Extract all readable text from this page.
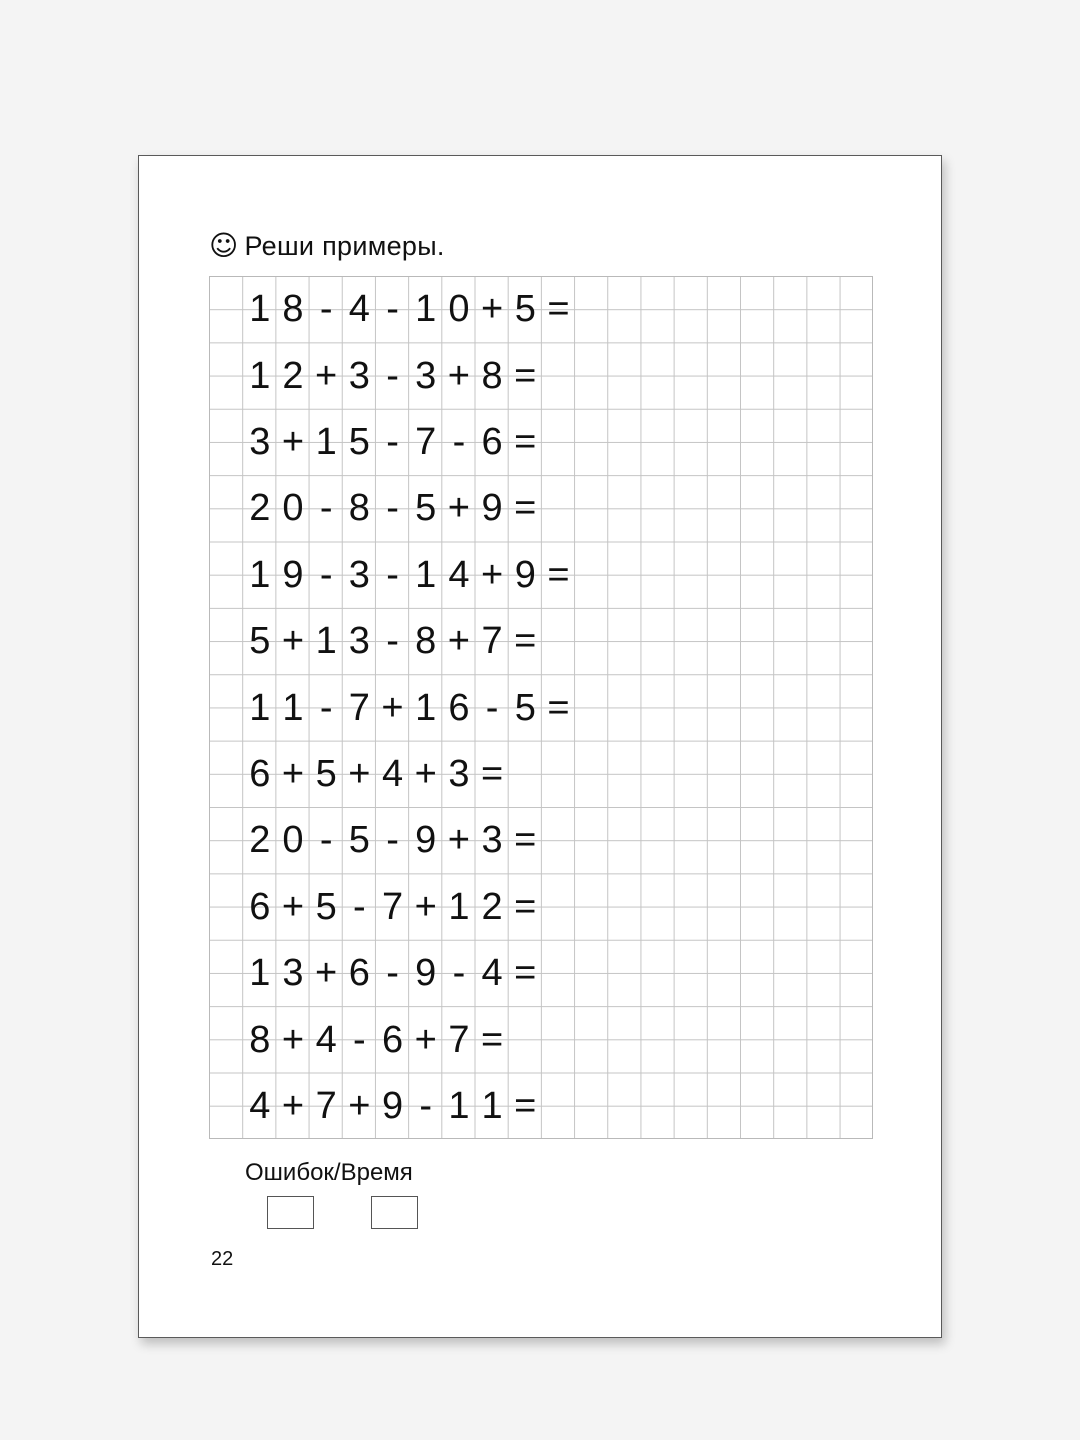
☺ Реши примеры.
1 8 - 4 - 1 0 + 5 =
1 2 + 3 - 3 + 8 =
3 + 1 5 - 7 - 6 =
2 0 - 8 - 5 + 9 =
1 9 - 3 - 1 4 + 9 =
5 + 1 3 - 8 + 7 =
1 1 - 7 + 1 6 - 5 =
6 + 5 + 4 + 3 =
2 0 - 5 - 9 + 3 =
6 + 5 - 7 + 1 2 =
1 3 + 6 - 9 - 4 =
8 + 4 - 6 + 7 =
4 + 7 + 9 - 1 1 =
Ошибок/Время
22
